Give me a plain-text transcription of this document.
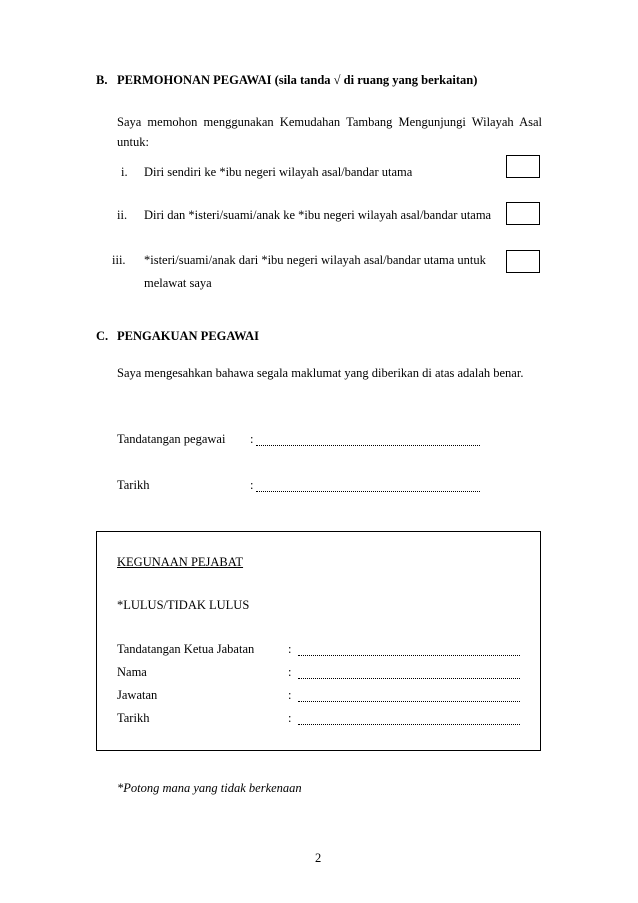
B. PERMOHONAN PEGAWAI (sila tanda √ di ruang yang berkaitan)
Saya memohon menggunakan Kemudahan Tambang Mengunjungi Wilayah Asal
untuk:
i. Diri sendiri ke *ibu negeri wilayah asal/bandar utama
ii. Diri dan *isteri/suami/anak ke *ibu negeri wilayah asal/bandar utama
iii. *isteri/suami/anak dari *ibu negeri wilayah asal/bandar utama untuk
melawat saya
C. PENGAKUAN PEGAWAI
Saya mengesahkan bahawa segala maklumat yang diberikan di atas adalah benar.
Tandatangan pegawai :
Tarikh	:
KEGUNAAN PEJABAT
*LULUS/TIDAK LULUS
Tandatangan Ketua Jabatan	:
Nama	:
Jawatan	:
Tarikh	:
*Potong mana yang tidak berkenaan
2
